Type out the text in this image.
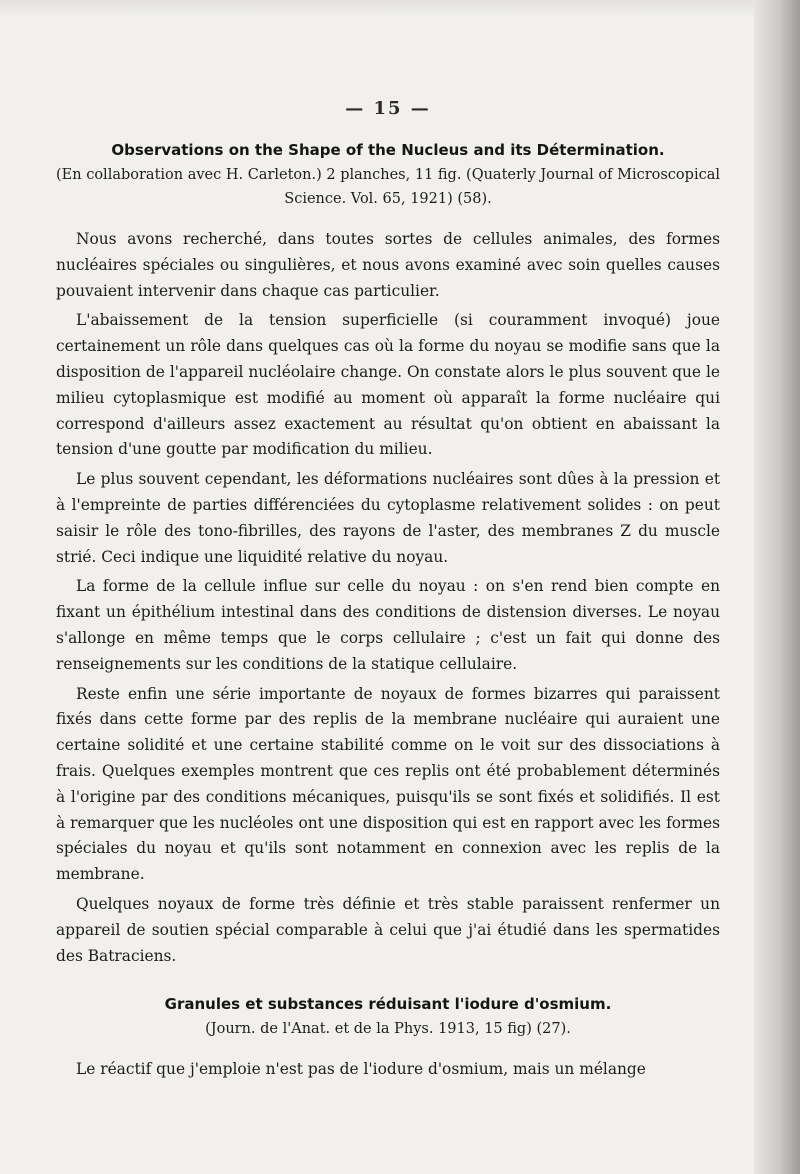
— 15 —
Observations on the Shape of the Nucleus and its Détermination.
(En collaboration avec H. Carleton.) 2 planches, 11 fig. (Quaterly Journal of Microscopical
Science. Vol. 65, 1921) (58).

Nous avons recherché, dans toutes sortes de cellules animales, des formes nucléaires spéciales ou singulières, et nous avons examiné avec soin quelles causes pouvaient intervenir dans chaque cas particulier.

L'abaissement de la tension superficielle (si couramment invoqué) joue certainement un rôle dans quelques cas où la forme du noyau se modifie sans que la disposition de l'appareil nucléolaire change. On constate alors le plus souvent que le milieu cytoplasmique est modifié au moment où apparaît la forme nucléaire qui correspond d'ailleurs assez exactement au résultat qu'on obtient en abaissant la tension d'une goutte par modification du milieu.

Le plus souvent cependant, les déformations nucléaires sont dûes à la pression et à l'empreinte de parties différenciées du cytoplasme relativement solides : on peut saisir le rôle des tono-fibrilles, des rayons de l'aster, des membranes Z du muscle strié. Ceci indique une liquidité relative du noyau.

La forme de la cellule influe sur celle du noyau : on s'en rend bien compte en fixant un épithélium intestinal dans des conditions de distension diverses. Le noyau s'allonge en même temps que le corps cellulaire ; c'est un fait qui donne des renseignements sur les conditions de la statique cellulaire.

Reste enfin une série importante de noyaux de formes bizarres qui paraissent fixés dans cette forme par des replis de la membrane nucléaire qui auraient une certaine solidité et une certaine stabilité comme on le voit sur des dissociations à frais. Quelques exemples montrent que ces replis ont été probablement déterminés à l'origine par des conditions mécaniques, puisqu'ils se sont fixés et solidifiés. Il est à remarquer que les nucléoles ont une disposition qui est en rapport avec les formes spéciales du noyau et qu'ils sont notamment en connexion avec les replis de la membrane.

Quelques noyaux de forme très définie et très stable paraissent renfermer un appareil de soutien spécial comparable à celui que j'ai étudié dans les spermatides des Batraciens.

Granules et substances réduisant l'iodure d'osmium.
(Journ. de l'Anat. et de la Phys. 1913, 15 fig) (27).

Le réactif que j'emploie n'est pas de l'iodure d'osmium, mais un mélange
